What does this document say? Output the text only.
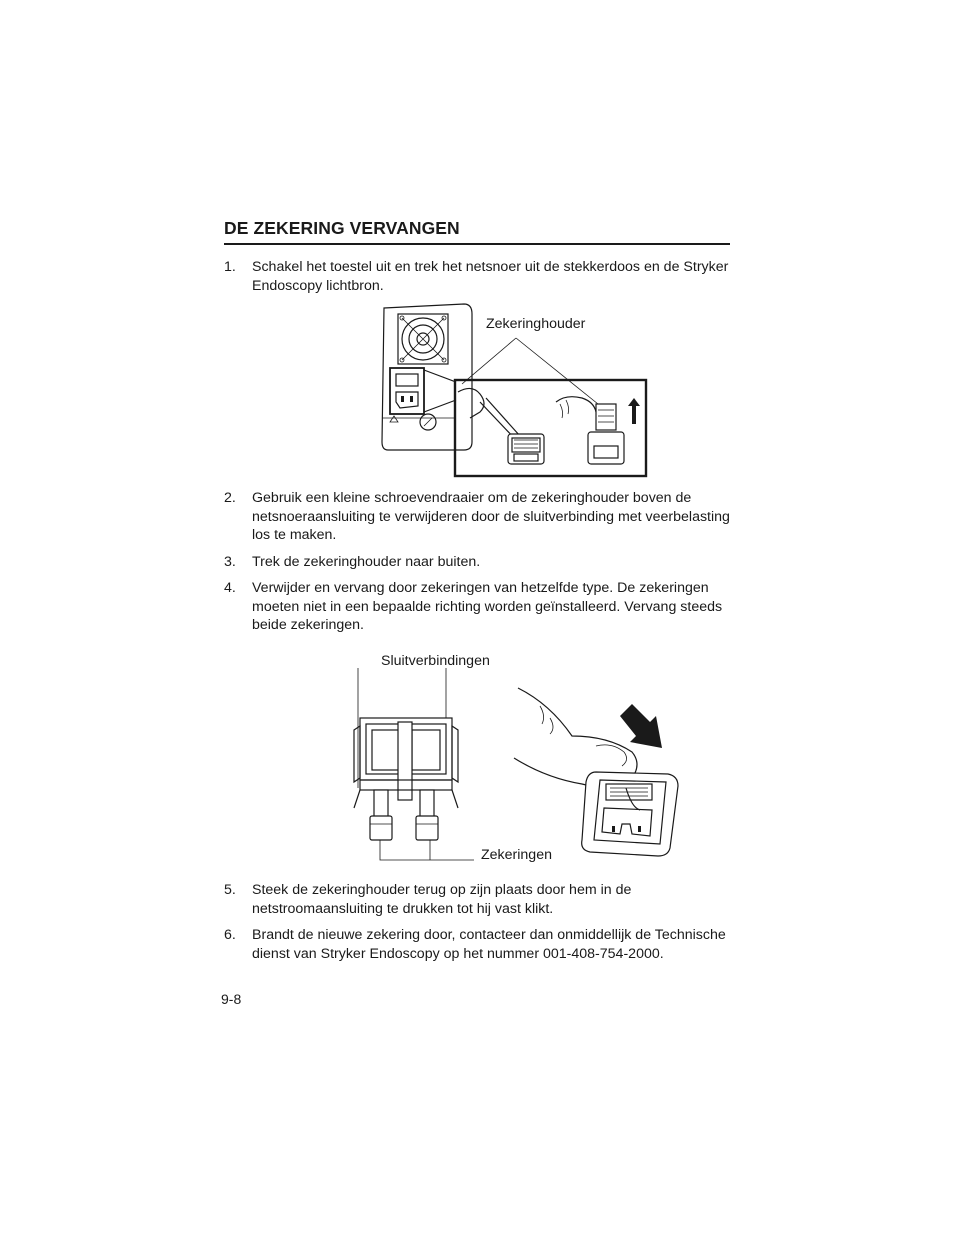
DE ZEKERING VERVANGEN
1. Schakel het toestel uit en trek het netsnoer uit de stekkerdoos en de Stryker Endoscopy lichtbron.
Zekeringhouder
2. Gebruik een kleine schroevendraaier om de zekeringhouder boven de netsnoeraansluiting te verwijderen door de sluitverbinding met veerbelasting los te maken.
3. Trek de zekeringhouder naar buiten.
4. Verwijder en vervang door zekeringen van hetzelfde type. De zekeringen moeten niet in een bepaalde richting worden geïnstalleerd. Vervang steeds beide zekeringen.
Sluitverbindingen
Zekeringen
5. Steek de zekeringhouder terug op zijn plaats door hem in de netstroomaansluiting te drukken tot hij vast klikt.
6. Brandt de nieuwe zekering door, contacteer dan onmiddellijk de Technische dienst van Stryker Endoscopy op het nummer 001-408-754-2000.
9-8
